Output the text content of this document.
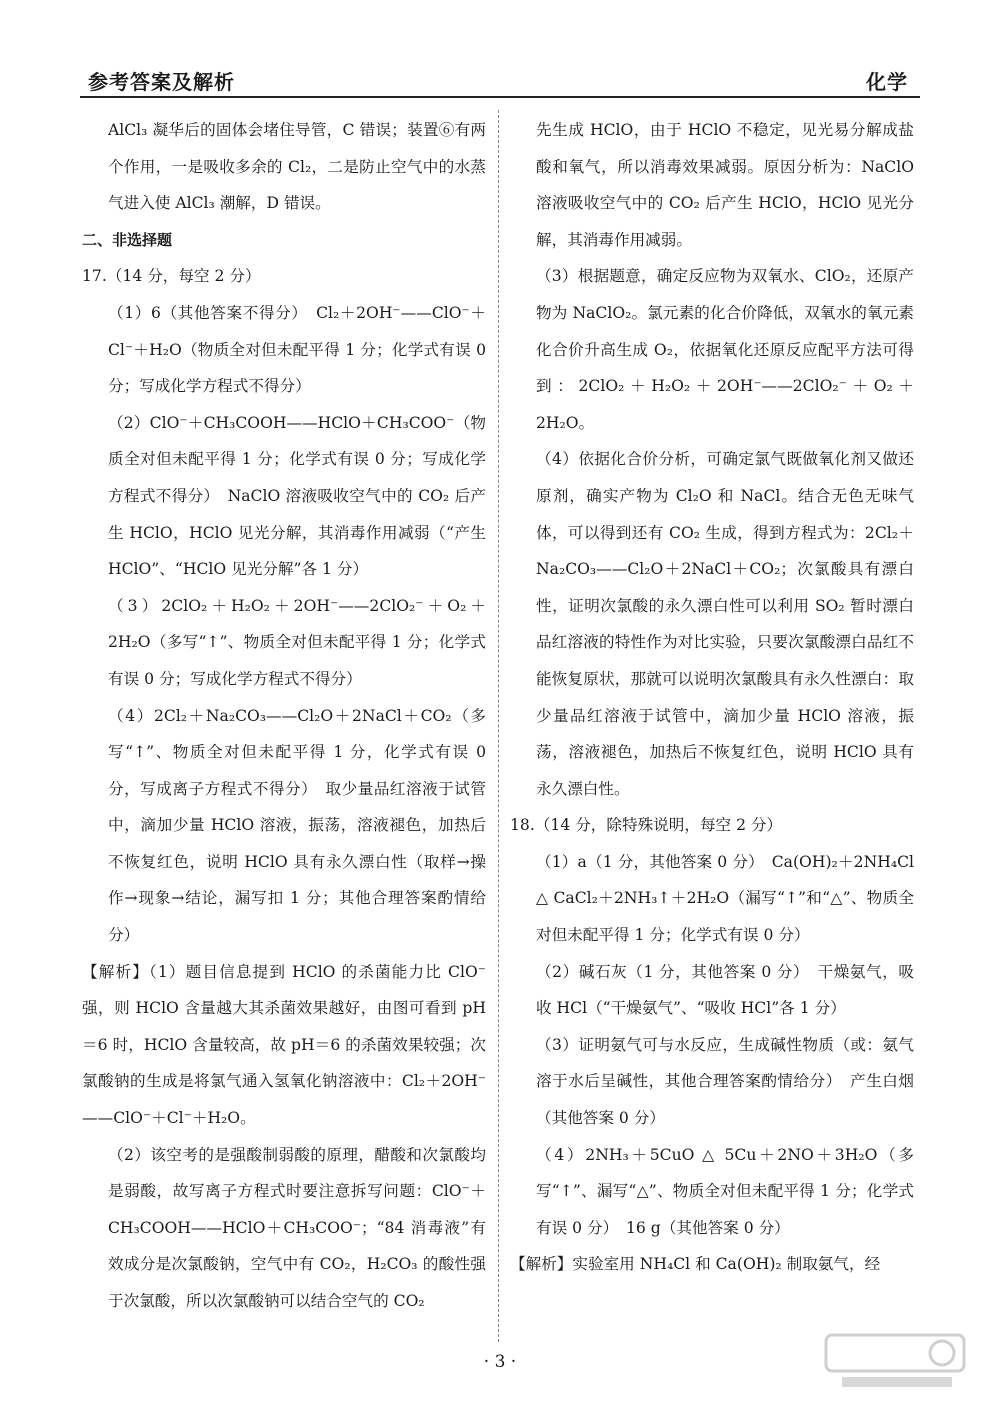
参考答案及解析	化学

AlCl₃ 凝华后的固体会堵住导管，C 错误；装置⑥有两个作用，一是吸收多余的 Cl₂，二是防止空气中的水蒸气进入使 AlCl₃ 潮解，D 错误。

二、非选择题

17.（14 分，每空 2 分）

（1）6（其他答案不得分）　Cl₂＋2OH⁻——ClO⁻＋Cl⁻＋H₂O（物质全对但未配平得 1 分；化学式有误 0 分；写成化学方程式不得分）

（2）ClO⁻＋CH₃COOH——HClO＋CH₃COO⁻（物质全对但未配平得 1 分；化学式有误 0 分；写成化学方程式不得分）　NaClO 溶液吸收空气中的 CO₂ 后产生 HClO，HClO 见光分解，其消毒作用减弱（“产生 HClO”、“HClO 见光分解”各 1 分）

（3）2ClO₂＋H₂O₂＋2OH⁻——2ClO₂⁻＋O₂＋2H₂O（多写“↑”、物质全对但未配平得 1 分；化学式有误 0 分；写成化学方程式不得分）

（4）2Cl₂＋Na₂CO₃——Cl₂O＋2NaCl＋CO₂（多写“↑”、物质全对但未配平得 1 分，化学式有误 0 分，写成离子方程式不得分）　取少量品红溶液于试管中，滴加少量 HClO 溶液，振荡，溶液褪色，加热后不恢复红色，说明 HClO 具有永久漂白性（取样→操作→现象→结论，漏写扣 1 分；其他合理答案酌情给分）

【解析】（1）题目信息提到 HClO 的杀菌能力比 ClO⁻ 强，则 HClO 含量越大其杀菌效果越好，由图可看到 pH＝6 时，HClO 含量较高，故 pH＝6 的杀菌效果较强；次氯酸钠的生成是将氯气通入氢氧化钠溶液中：Cl₂＋2OH⁻——ClO⁻＋Cl⁻＋H₂O。

（2）该空考的是强酸制弱酸的原理，醋酸和次氯酸均是弱酸，故写离子方程式时要注意拆写问题：ClO⁻＋CH₃COOH——HClO＋CH₃COO⁻；“84 消毒液”有效成分是次氯酸钠，空气中有 CO₂，H₂CO₃ 的酸性强于次氯酸，所以次氯酸钠可以结合空气的 CO₂

先生成 HClO，由于 HClO 不稳定，见光易分解成盐酸和氧气，所以消毒效果减弱。原因分析为：NaClO 溶液吸收空气中的 CO₂ 后产生 HClO，HClO 见光分解，其消毒作用减弱。

（3）根据题意，确定反应物为双氧水、ClO₂，还原产物为 NaClO₂。氯元素的化合价降低，双氧水的氧元素化合价升高生成 O₂，依据氧化还原反应配平方法可得到：2ClO₂＋H₂O₂＋2OH⁻——2ClO₂⁻＋O₂＋2H₂O。

（4）依据化合价分析，可确定氯气既做氧化剂又做还原剂，确实产物为 Cl₂O 和 NaCl。结合无色无味气体，可以得到还有 CO₂ 生成，得到方程式为：2Cl₂＋Na₂CO₃——Cl₂O＋2NaCl＋CO₂；次氯酸具有漂白性，证明次氯酸的永久漂白性可以利用 SO₂ 暂时漂白品红溶液的特性作为对比实验，只要次氯酸漂白品红不能恢复原状，那就可以说明次氯酸具有永久性漂白：取少量品红溶液于试管中，滴加少量 HClO 溶液，振荡，溶液褪色，加热后不恢复红色，说明 HClO 具有永久漂白性。

18.（14 分，除特殊说明，每空 2 分）

（1）a（1 分，其他答案 0 分）　Ca(OH)₂＋2NH₄Cl △ CaCl₂＋2NH₃↑＋2H₂O（漏写“↑”和“△”、物质全对但未配平得 1 分；化学式有误 0 分）

（2）碱石灰（1 分，其他答案 0 分）　干燥氨气，吸收 HCl（“干燥氨气”、“吸收 HCl”各 1 分）

（3）证明氨气可与水反应，生成碱性物质（或：氨气溶于水后呈碱性，其他合理答案酌情给分）　产生白烟（其他答案 0 分）

（4）2NH₃＋5CuO △ 5Cu＋2NO＋3H₂O（多写“↑”、漏写“△”、物质全对但未配平得 1 分；化学式有误 0 分）　16 g（其他答案 0 分）

【解析】实验室用 NH₄Cl 和 Ca(OH)₂ 制取氨气，经

· 3 ·
